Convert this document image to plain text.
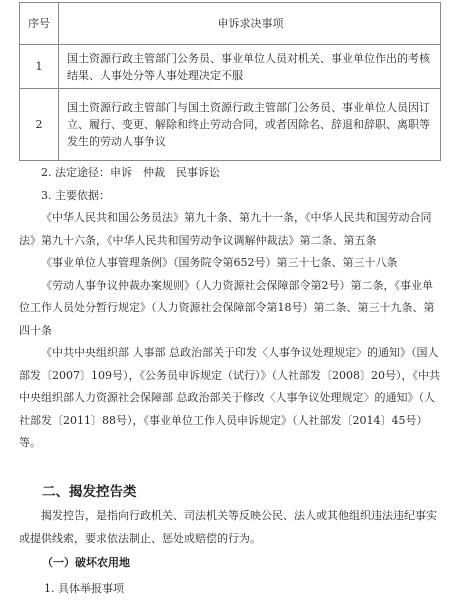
序号	申诉求决事项
1	国土资源行政主管部门公务员、事业单位人员对机关、事业单位作出的考核结果、人事处分等人事处理决定不服
2	国土资源行政主管部门与国土资源行政主管部门公务员、事业单位人员因订立、履行、变更、解除和终止劳动合同，或者因除名、辞退和辞职、离职等发生的劳动人事争议

2. 法定途径：申诉　仲裁　民事诉讼

3. 主要依据：

《中华人民共和国公务员法》第九十条、第九十一条，《中华人民共和国劳动合同法》第九十六条，《中华人民共和国劳动争议调解仲裁法》第二条、第五条

《事业单位人事管理条例》（国务院令第652号）第三十七条、第三十八条

《劳动人事争议仲裁办案规则》（人力资源社会保障部令第2号）第二条，《事业单位工作人员处分暂行规定》（人力资源社会保障部令第18号）第二条、第三十九条、第四十条

《中共中央组织部 人事部 总政治部关于印发〈人事争议处理规定〉的通知》（国人部发〔2007〕109号），《公务员申诉规定（试行）》（人社部发〔2008〕20号），《中共中央组织部人力资源社会保障部 总政治部关于修改〈人事争议处理规定〉的通知》（人社部发〔2011〕88号），《事业单位工作人员申诉规定》（人社部发〔2014〕45号）等。

二、揭发控告类

揭发控告，是指向行政机关、司法机关等反映公民、法人或其他组织违法违纪事实或提供线索，要求依法制止、惩处或赔偿的行为。

（一）破坏农用地
1. 具体举报事项
